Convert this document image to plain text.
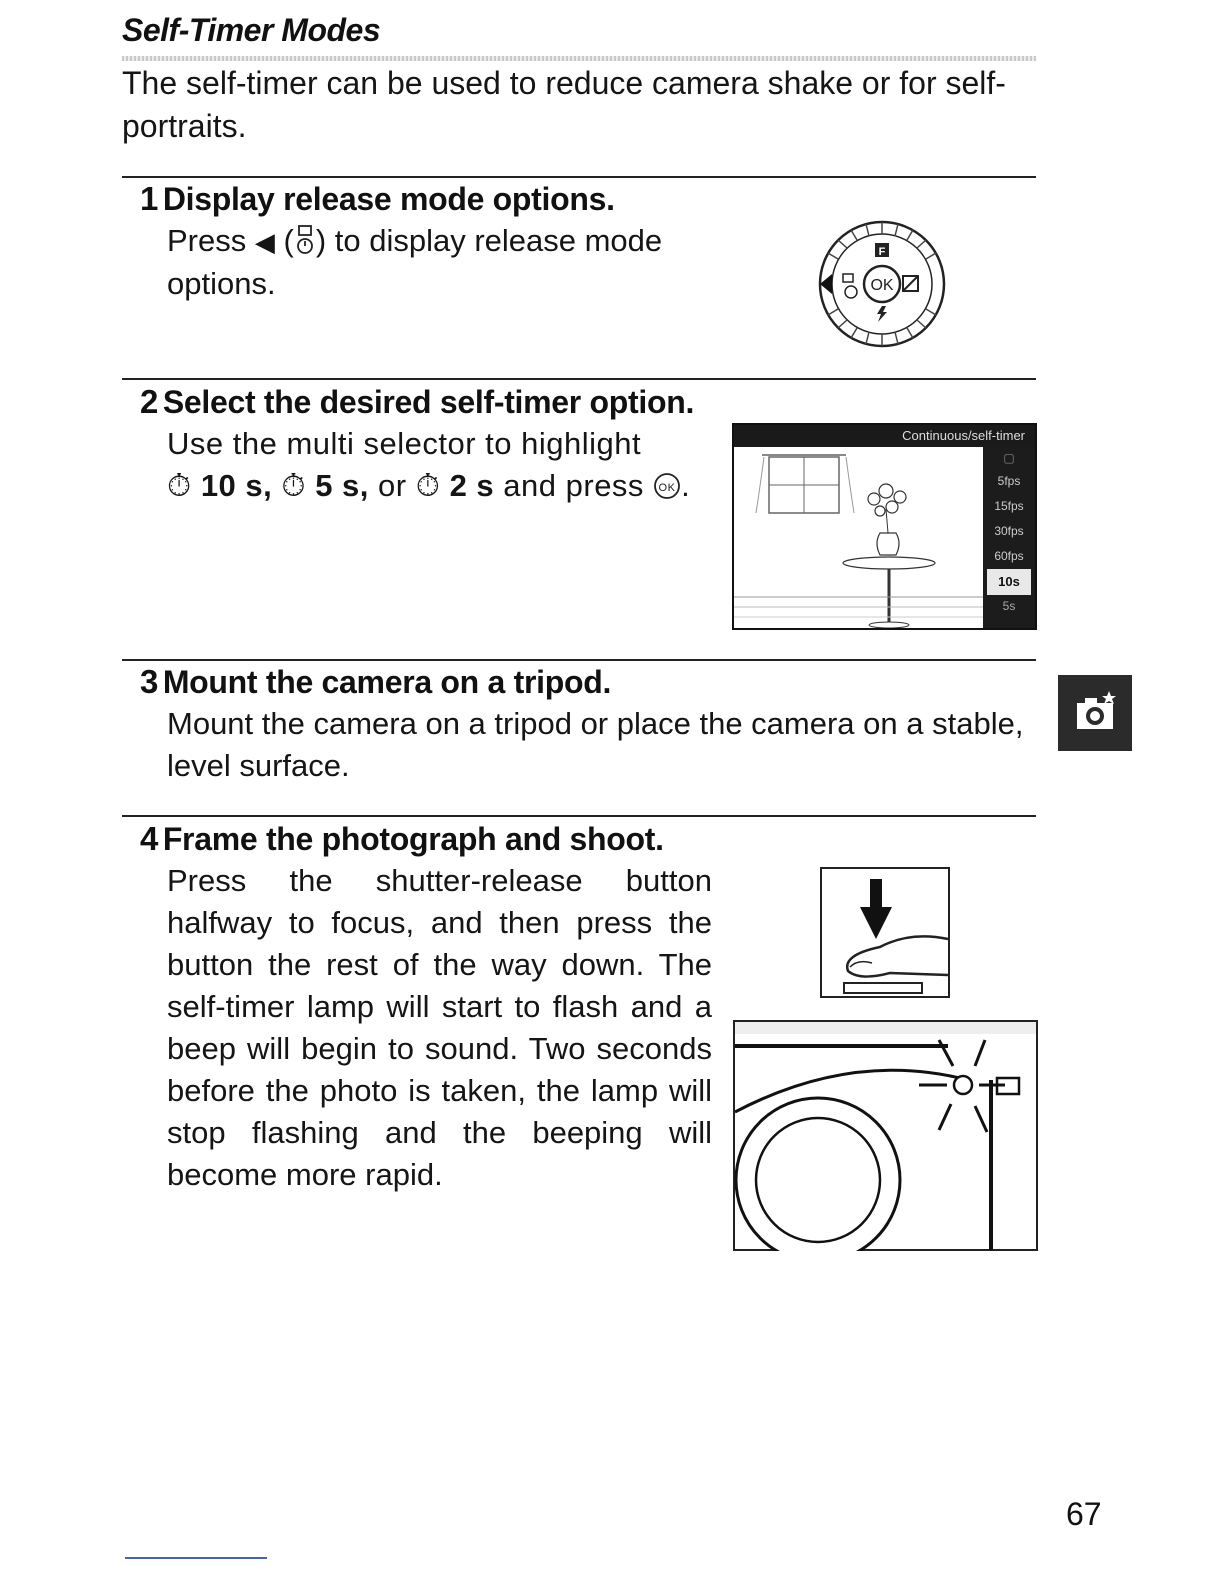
Self-Timer Modes
The self-timer can be used to reduce camera shake or for self-portraits.
1 Display release mode options.
Press ◀ ( ) to display release mode options.	OK
F
2 Select the desired self-timer option.
Use the multi selector to highlight
⏱ 10 s, ⏱ 5 s, or ⏱ 2 s and press OK .
Continuous/self-timer
▢
5fps
15fps
30fps
60fps
10s
5s
3 Mount the camera on a tripod.
Mount the camera on a tripod or place the camera on a stable, level surface.
4 Frame the photograph and shoot.
Press the shutter-release button halfway to focus, and then press the button the rest of the way down. The self-timer lamp will start to flash and a beep will begin to sound. Two seconds before the photo is taken, the lamp will stop flashing and the beeping will become more rapid.
67
